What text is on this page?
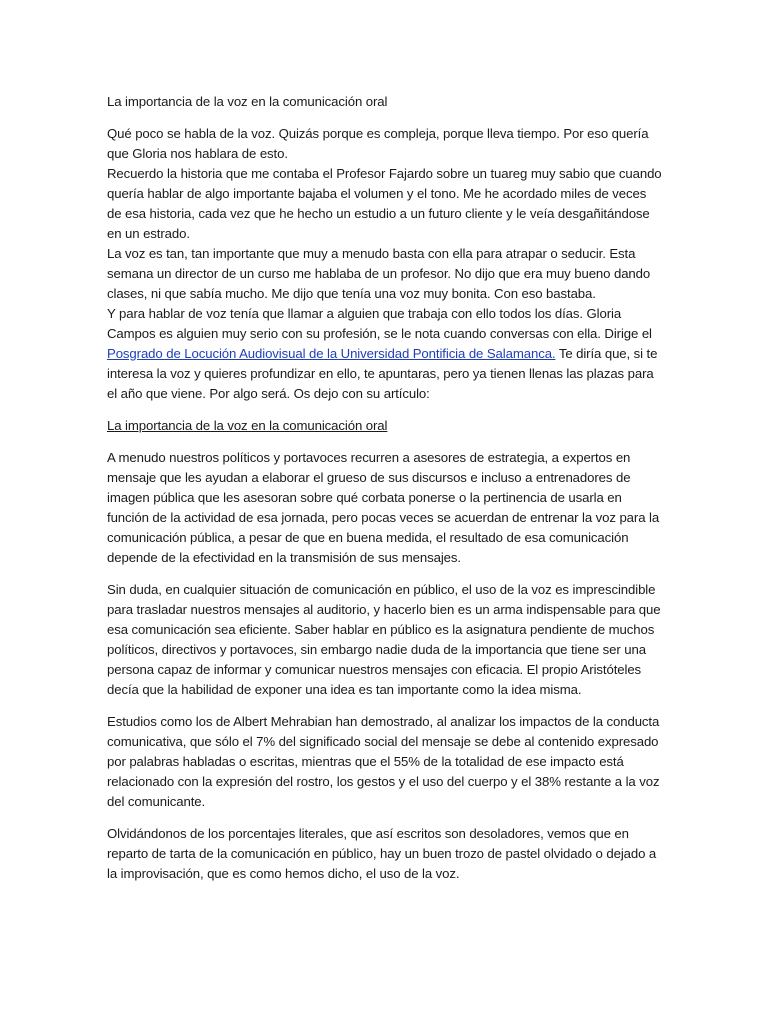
La importancia de la voz en la comunicación oral

Qué poco se habla de la voz. Quizás porque es compleja, porque lleva tiempo. Por eso quería que Gloria nos hablara de esto.

Recuerdo la historia que me contaba el Profesor Fajardo sobre un tuareg muy sabio que cuando quería hablar de algo importante bajaba el volumen y el tono. Me he acordado miles de veces de esa historia, cada vez que he hecho un estudio a un futuro cliente y le veía desgañitándose en un estrado.

La voz es tan, tan importante que muy a menudo basta con ella para atrapar o seducir. Esta semana un director de un curso me hablaba de un profesor. No dijo que era muy bueno dando clases, ni que sabía mucho. Me dijo que tenía una voz muy bonita. Con eso bastaba.

Y para hablar de voz tenía que llamar a alguien que trabaja con ello todos los días. Gloria Campos es alguien muy serio con su profesión, se le nota cuando conversas con ella. Dirige el Posgrado de Locución Audiovisual de la Universidad Pontificia de Salamanca. Te diría que, si te interesa la voz y quieres profundizar en ello, te apuntaras, pero ya tienen llenas las plazas para el año que viene. Por algo será. Os dejo con su artículo:

La importancia de la voz en la comunicación oral

A menudo nuestros políticos y portavoces recurren a asesores de estrategia, a expertos en mensaje que les ayudan a elaborar el grueso de sus discursos e incluso a entrenadores de imagen pública que les asesoran sobre qué corbata ponerse o la pertinencia de usarla en función de la actividad de esa jornada, pero pocas veces se acuerdan de entrenar la voz para la comunicación pública, a pesar de que en buena medida, el resultado de esa comunicación depende de la efectividad en la transmisión de sus mensajes.

Sin duda, en cualquier situación de comunicación en público, el uso de la voz es imprescindible para trasladar nuestros mensajes al auditorio, y hacerlo bien es un arma indispensable para que esa comunicación sea eficiente. Saber hablar en público es la asignatura pendiente de muchos políticos, directivos y portavoces, sin embargo nadie duda de la importancia que tiene ser una persona capaz de informar y comunicar nuestros mensajes con eficacia. El propio Aristóteles decía que la habilidad de exponer una idea es tan importante como la idea misma.

Estudios como los de Albert Mehrabian han demostrado, al analizar los impactos de la conducta comunicativa, que sólo el 7% del significado social del mensaje se debe al contenido expresado por palabras habladas o escritas, mientras que el 55% de la totalidad de ese impacto está relacionado con la expresión del rostro, los gestos y el uso del cuerpo y el 38% restante a la voz del comunicante.

Olvidándonos de los porcentajes literales, que así escritos son desoladores, vemos que en reparto de tarta de la comunicación en público, hay un buen trozo de pastel olvidado o dejado a la improvisación, que es como hemos dicho, el uso de la voz.
